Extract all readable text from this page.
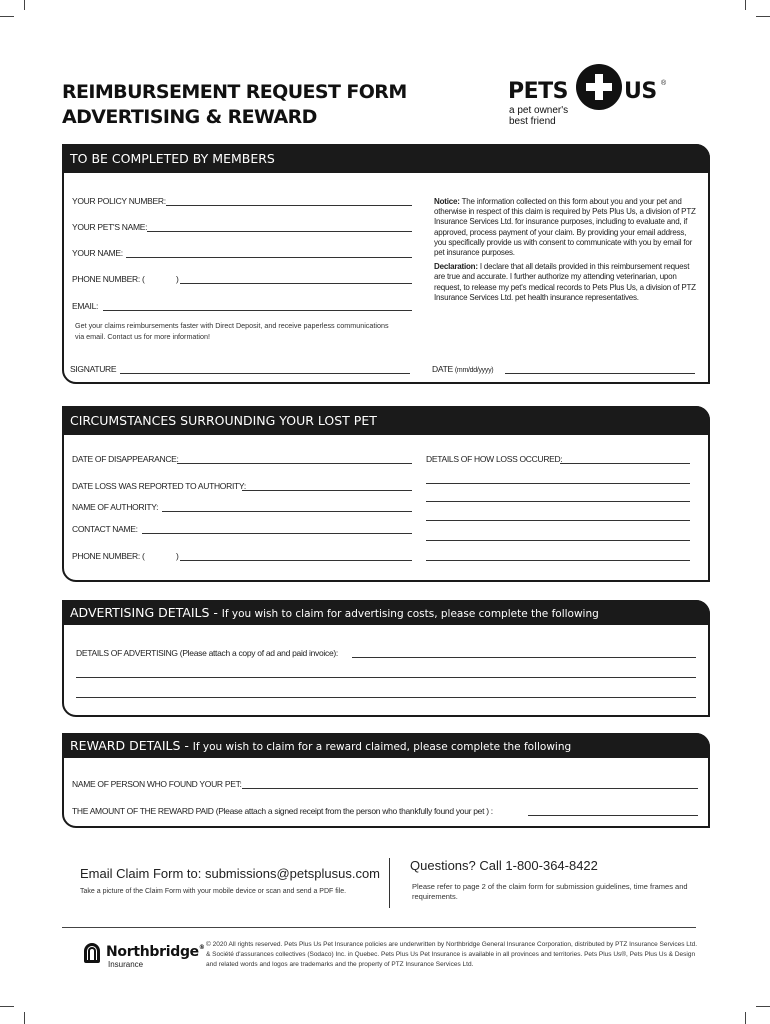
REIMBURSEMENT REQUEST FORM
ADVERTISING & REWARD
PETS	US ®
a pet owner's
best friend
TO BE COMPLETED BY MEMBERS
YOUR POLICY NUMBER:
YOUR PET'S NAME:
YOUR NAME:
PHONE NUMBER: (	)
EMAIL:
Get your claims reimbursements faster with Direct Deposit, and receive paperless communications
via email. Contact us for more information!
Notice: The information collected on this form about you and your pet and otherwise in respect of this claim is required by Pets Plus Us, a division of PTZ Insurance Services Ltd. for insurance purposes, including to evaluate and, if approved, process payment of your claim. By providing your email address, you specifically provide us with consent to communicate with you by email for pet insurance purposes.
Declaration: I declare that all details provided in this reimbursement request are true and accurate. I further authorize my attending veterinarian, upon request, to release my pet's medical records to Pets Plus Us, a division of PTZ Insurance Services Ltd. pet health insurance representatives.
SIGNATURE	DATE (mm/dd/yyyy)
CIRCUMSTANCES SURROUNDING YOUR LOST PET
DATE OF DISAPPEARANCE:
DATE LOSS WAS REPORTED TO AUTHORITY:
NAME OF AUTHORITY:
CONTACT NAME:
PHONE NUMBER: (	)
DETAILS OF HOW LOSS OCCURED:
ADVERTISING DETAILS - If you wish to claim for advertising costs, please complete the following
DETAILS OF ADVERTISING (Please attach a copy of ad and paid invoice):
REWARD DETAILS - If you wish to claim for a reward claimed, please complete the following
NAME OF PERSON WHO FOUND YOUR PET:
THE AMOUNT OF THE REWARD PAID (Please attach a signed receipt from the person who thankfully found your pet ) :
Email Claim Form to: submissions@petsplusus.com
Take a picture of the Claim Form with your mobile device or scan and send a PDF file.
Questions? Call 1-800-364-8422
Please refer to page 2 of the claim form for submission guidelines, time frames and requirements.
Northbridge®
Insurance
© 2020 All rights reserved. Pets Plus Us Pet Insurance policies are underwritten by Northbridge General Insurance Corporation, distributed by PTZ Insurance Services Ltd. & Société d'assurances collectives (Sodaco) Inc. in Quebec. Pets Plus Us Pet Insurance is available in all provinces and territories. Pets Plus Us®, Pets Plus Us & Design and related words and logos are trademarks and the property of PTZ Insurance Services Ltd.
